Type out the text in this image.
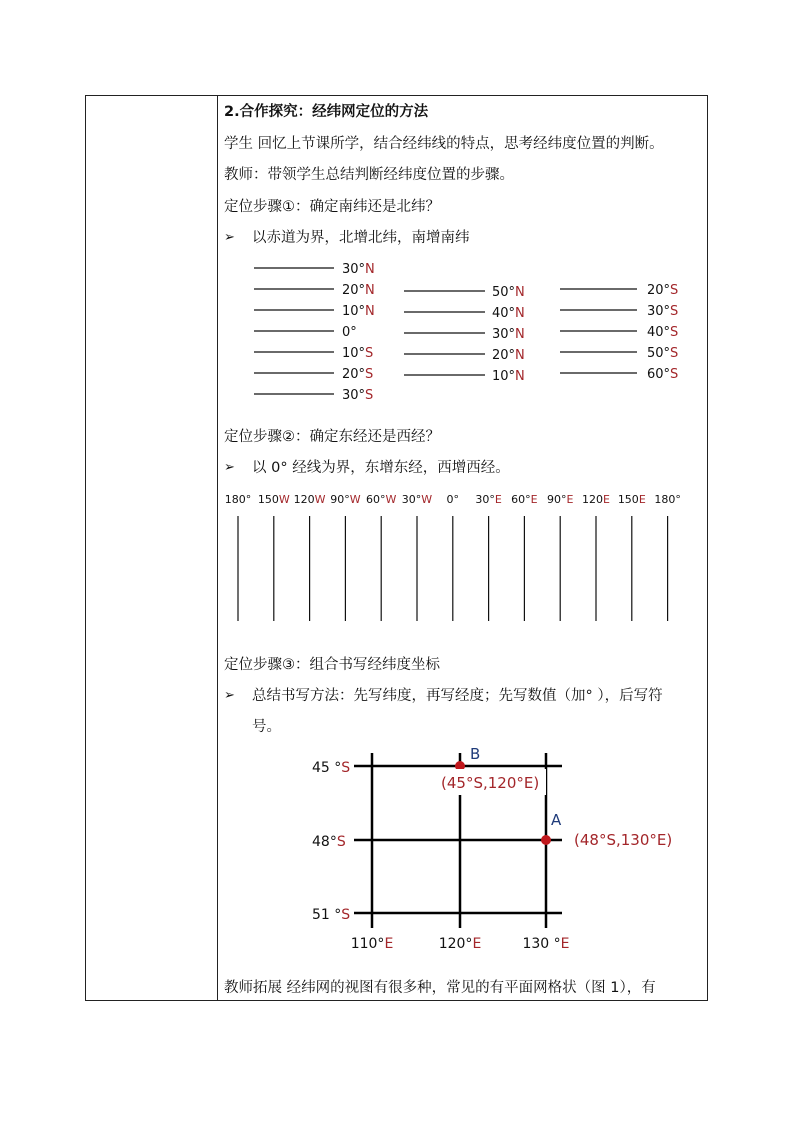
2.合作探究：经纬网定位的方法
学生 回忆上节课所学，结合经纬线的特点，思考经纬度位置的判断。
教师：带领学生总结判断经纬度位置的步骤。
定位步骤①：确定南纬还是北纬？
➢ 以赤道为界，北增北纬，南增南纬
30°N
20°N
10°N
0°
10°S
20°S
30°S
50°N
40°N
30°N
20°N
10°N
20°S
30°S
40°S
50°S
60°S
定位步骤②：确定东经还是西经？
➢ 以 0° 经线为界，东增东经，西增西经。
180° 150W 120W 90°W 60°W 30°W 0° 30°E 60°E 90°E 120E 150E 180°
定位步骤③：组合书写经纬度坐标
➢ 总结书写方法：先写纬度，再写经度；先写数值（加° ），后写符
号。
45 °S
48°S
51 °S
110°E	120°E	130 °E
B
(45°S,120°E)
A
(48°S,130°E)
教师拓展 经纬网的视图有很多种，常见的有平面网格状（图 1），有
